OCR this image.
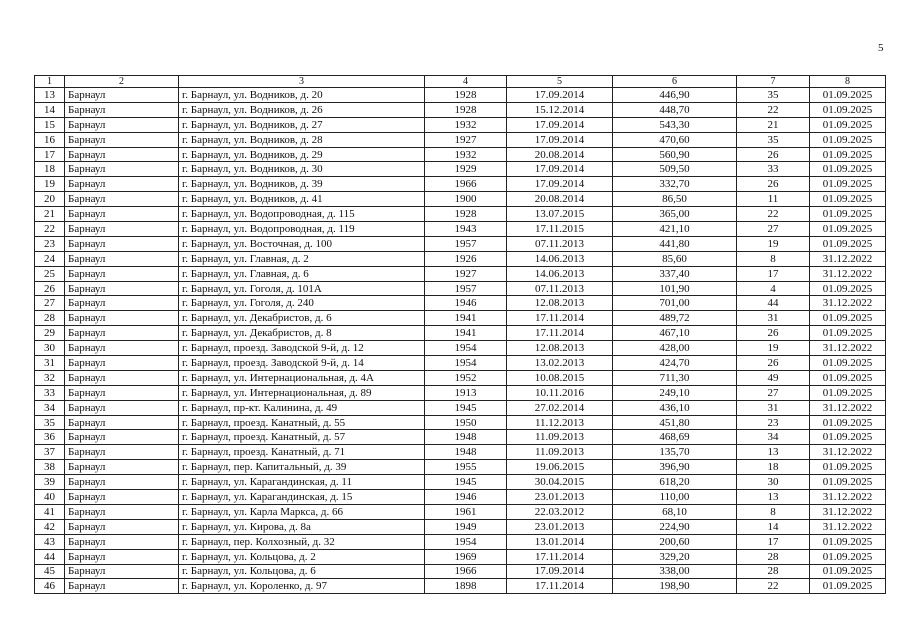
5
1	2	3	4	5	6	7	8
13	Барнаул	г. Барнаул, ул. Водников, д. 20	1928	17.09.2014	446,90	35	01.09.2025
14	Барнаул	г. Барнаул, ул. Водников, д. 26	1928	15.12.2014	448,70	22	01.09.2025
15	Барнаул	г. Барнаул, ул. Водников, д. 27	1932	17.09.2014	543,30	21	01.09.2025
16	Барнаул	г. Барнаул, ул. Водников, д. 28	1927	17.09.2014	470,60	35	01.09.2025
17	Барнаул	г. Барнаул, ул. Водников, д. 29	1932	20.08.2014	560,90	26	01.09.2025
18	Барнаул	г. Барнаул, ул. Водников, д. 30	1929	17.09.2014	509,50	33	01.09.2025
19	Барнаул	г. Барнаул, ул. Водников, д. 39	1966	17.09.2014	332,70	26	01.09.2025
20	Барнаул	г. Барнаул, ул. Водников, д. 41	1900	20.08.2014	86,50	11	01.09.2025
21	Барнаул	г. Барнаул, ул. Водопроводная, д. 115	1928	13.07.2015	365,00	22	01.09.2025
22	Барнаул	г. Барнаул, ул. Водопроводная, д. 119	1943	17.11.2015	421,10	27	01.09.2025
23	Барнаул	г. Барнаул, ул. Восточная, д. 100	1957	07.11.2013	441,80	19	01.09.2025
24	Барнаул	г. Барнаул, ул. Главная, д. 2	1926	14.06.2013	85,60	8	31.12.2022
25	Барнаул	г. Барнаул, ул. Главная, д. 6	1927	14.06.2013	337,40	17	31.12.2022
26	Барнаул	г. Барнаул, ул. Гоголя, д. 101А	1957	07.11.2013	101,90	4	01.09.2025
27	Барнаул	г. Барнаул, ул. Гоголя, д. 240	1946	12.08.2013	701,00	44	31.12.2022
28	Барнаул	г. Барнаул, ул. Декабристов, д. 6	1941	17.11.2014	489,72	31	01.09.2025
29	Барнаул	г. Барнаул, ул. Декабристов, д. 8	1941	17.11.2014	467,10	26	01.09.2025
30	Барнаул	г. Барнаул, проезд. Заводской 9-й, д. 12	1954	12.08.2013	428,00	19	31.12.2022
31	Барнаул	г. Барнаул, проезд. Заводской 9-й, д. 14	1954	13.02.2013	424,70	26	01.09.2025
32	Барнаул	г. Барнаул, ул. Интернациональная, д. 4А	1952	10.08.2015	711,30	49	01.09.2025
33	Барнаул	г. Барнаул, ул. Интернациональная, д. 89	1913	10.11.2016	249,10	27	01.09.2025
34	Барнаул	г. Барнаул, пр-кт. Калинина, д. 49	1945	27.02.2014	436,10	31	31.12.2022
35	Барнаул	г. Барнаул, проезд. Канатный, д. 55	1950	11.12.2013	451,80	23	01.09.2025
36	Барнаул	г. Барнаул, проезд. Канатный, д. 57	1948	11.09.2013	468,69	34	01.09.2025
37	Барнаул	г. Барнаул, проезд. Канатный, д. 71	1948	11.09.2013	135,70	13	31.12.2022
38	Барнаул	г. Барнаул, пер. Капитальный, д. 39	1955	19.06.2015	396,90	18	01.09.2025
39	Барнаул	г. Барнаул, ул. Карагандинская, д. 11	1945	30.04.2015	618,20	30	01.09.2025
40	Барнаул	г. Барнаул, ул. Карагандинская, д. 15	1946	23.01.2013	110,00	13	31.12.2022
41	Барнаул	г. Барнаул, ул. Карла Маркса, д. 66	1961	22.03.2012	68,10	8	31.12.2022
42	Барнаул	г. Барнаул, ул. Кирова, д. 8а	1949	23.01.2013	224,90	14	31.12.2022
43	Барнаул	г. Барнаул, пер. Колхозный, д. 32	1954	13.01.2014	200,60	17	01.09.2025
44	Барнаул	г. Барнаул, ул. Кольцова, д. 2	1969	17.11.2014	329,20	28	01.09.2025
45	Барнаул	г. Барнаул, ул. Кольцова, д. 6	1966	17.09.2014	338,00	28	01.09.2025
46	Барнаул	г. Барнаул, ул. Короленко, д. 97	1898	17.11.2014	198,90	22	01.09.2025
